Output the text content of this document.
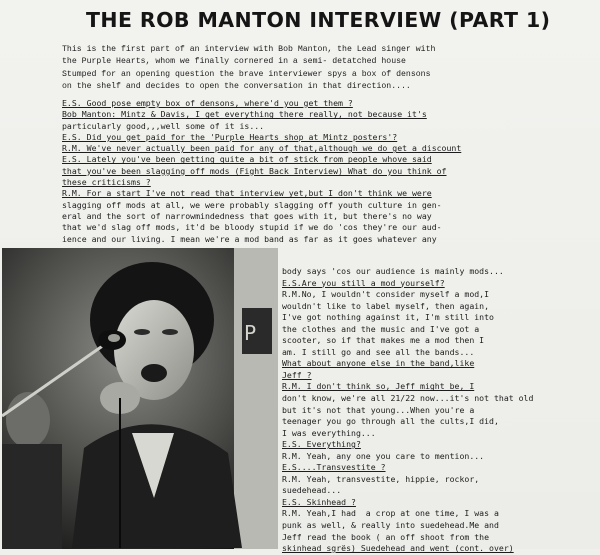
THE ROB MANTON INTERVIEW (PART 1)
This is the first part of an interview with Bob Manton, the Lead singer with
the Purple Hearts, whom we finally cornered in a semi- detatched house
Stumped for an opening question the brave interviewer spys a box of densons
on the shelf and decides to open the conversation in that direction....
E.S. Good pose empty box of densons, where'd you get them ?
Bob Manton: Mintz & Davis, I get everything there really, not because it's
particularly good,,,well some of it is...
E.S. Did you get paid for the 'Purple Hearts shop at Mintz posters'?
R.M. We've never actually been paid for any of that,although we do get a discount
E.S. Lately you've been getting quite a bit of stick from people whove said
that you've been slagging off mods (Fight Back Interview) What do you think of
these criticisms ?
R.M. For a start I've not read that interview yet,but I don't think we were
slagging off mods at all, we were probably slagging off youth culture in gen-
eral and the sort of narrowmindedness that goes with it, but there's no way
that we'd slag off mods, it'd be bloody stupid if we do 'cos they're our aud-
ience and our living. I mean we're a mod band as far as it goes whatever any
P
body says 'cos our audience is mainly mods...
E.S.Are you still a mod yourself?
R.M.No, I wouldn't consider myself a mod,I
wouldn't like to label myself, then again,
I've got nothing against it, I'm still into
the clothes and the music and I've got a
scooter, so if that makes me a mod then I
am. I still go and see all the bands...
What about anyone else in the band,like
Jeff ?
R.M. I don't think so, Jeff might be, I
don't know, we're all 21/22 now...it's not that old
but it's not that young...When you're a
teenager you go through all the cults,I did,
I was everything...
E.S. Everything?
R.M. Yeah, any one you care to mention...
E.S....Transvestite ?
R.M. Yeah, transvestite, hippie, rockor,
suedehead...
E.S. Skinhead ?
R.M. Yeah,I had  a crop at one time, I was a
punk as well, & really into suedehead.Me and
Jeff read the book ( an off shoot from the
skinhead sgrës) Suedehead and went (cont. over)
